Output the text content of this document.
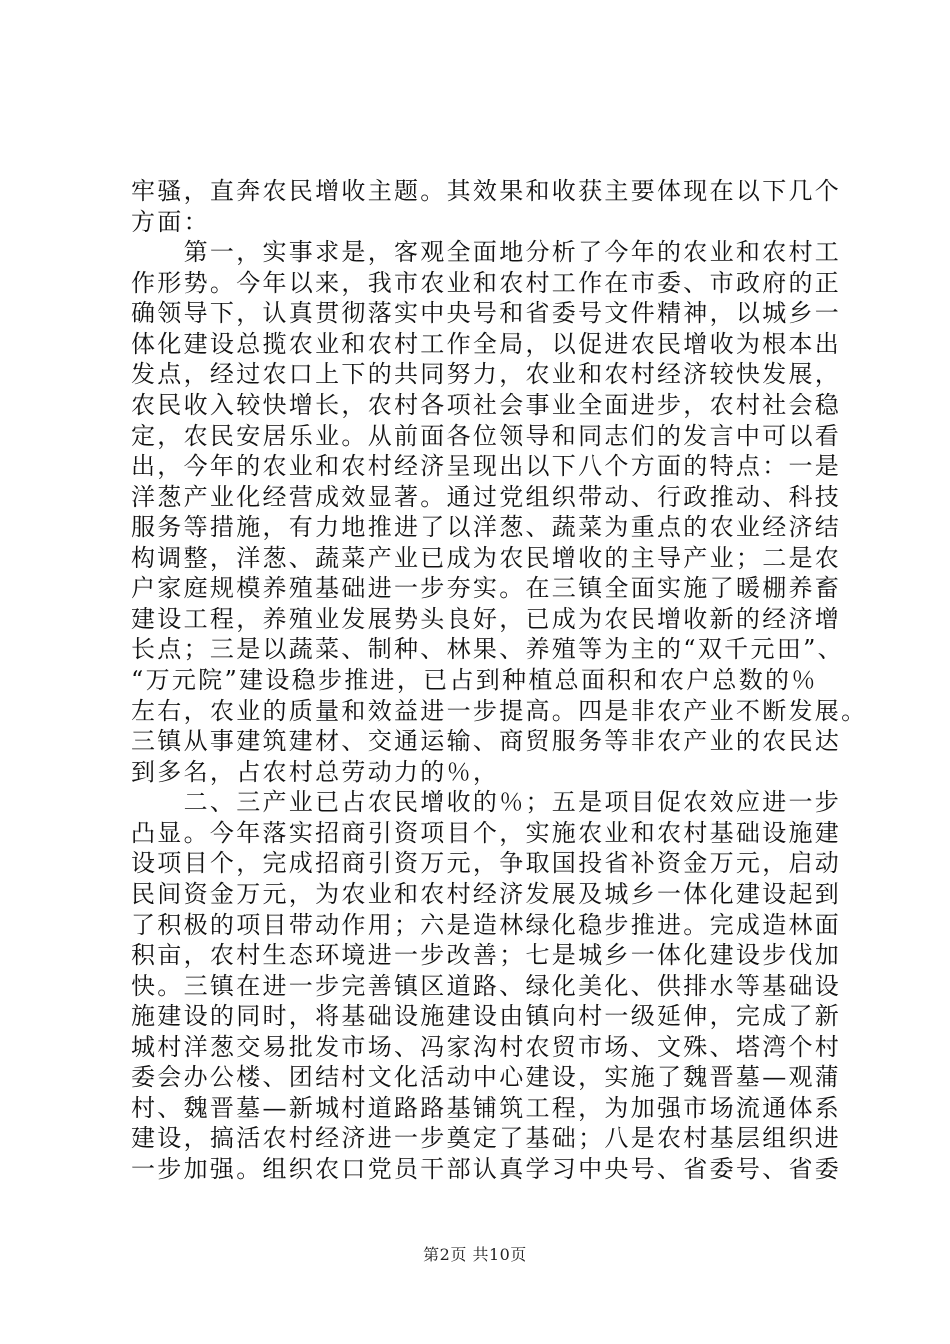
牢骚，直奔农民增收主题。其效果和收获主要体现在以下几个
方面：
　　第一，实事求是，客观全面地分析了今年的农业和农村工
作形势。今年以来，我市农业和农村工作在市委、市政府的正
确领导下，认真贯彻落实中央号和省委号文件精神，以城乡一
体化建设总揽农业和农村工作全局，以促进农民增收为根本出
发点，经过农口上下的共同努力，农业和农村经济较快发展，
农民收入较快增长，农村各项社会事业全面进步，农村社会稳
定，农民安居乐业。从前面各位领导和同志们的发言中可以看
出，今年的农业和农村经济呈现出以下八个方面的特点：一是
洋葱产业化经营成效显著。通过党组织带动、行政推动、科技
服务等措施，有力地推进了以洋葱、蔬菜为重点的农业经济结
构调整，洋葱、蔬菜产业已成为农民增收的主导产业；二是农
户家庭规模养殖基础进一步夯实。在三镇全面实施了暖棚养畜
建设工程，养殖业发展势头良好，已成为农民增收新的经济增
长点；三是以蔬菜、制种、林果、养殖等为主的“双千元田”、
“万元院”建设稳步推进，已占到种植总面积和农户总数的％
左右，农业的质量和效益进一步提高。四是非农产业不断发展。
三镇从事建筑建材、交通运输、商贸服务等非农产业的农民达
到多名，占农村总劳动力的％，
　　二、三产业已占农民增收的％；五是项目促农效应进一步
凸显。今年落实招商引资项目个，实施农业和农村基础设施建
设项目个，完成招商引资万元，争取国投省补资金万元，启动
民间资金万元，为农业和农村经济发展及城乡一体化建设起到
了积极的项目带动作用；六是造林绿化稳步推进。完成造林面
积亩，农村生态环境进一步改善；七是城乡一体化建设步伐加
快。三镇在进一步完善镇区道路、绿化美化、供排水等基础设
施建设的同时，将基础设施建设由镇向村一级延伸，完成了新
城村洋葱交易批发市场、冯家沟村农贸市场、文殊、塔湾个村
委会办公楼、团结村文化活动中心建设，实施了魏晋墓—观蒲
村、魏晋墓—新城村道路路基铺筑工程，为加强市场流通体系
建设，搞活农村经济进一步奠定了基础；八是农村基层组织进
一步加强。组织农口党员干部认真学习中央号、省委号、省委
第2页 共10页
